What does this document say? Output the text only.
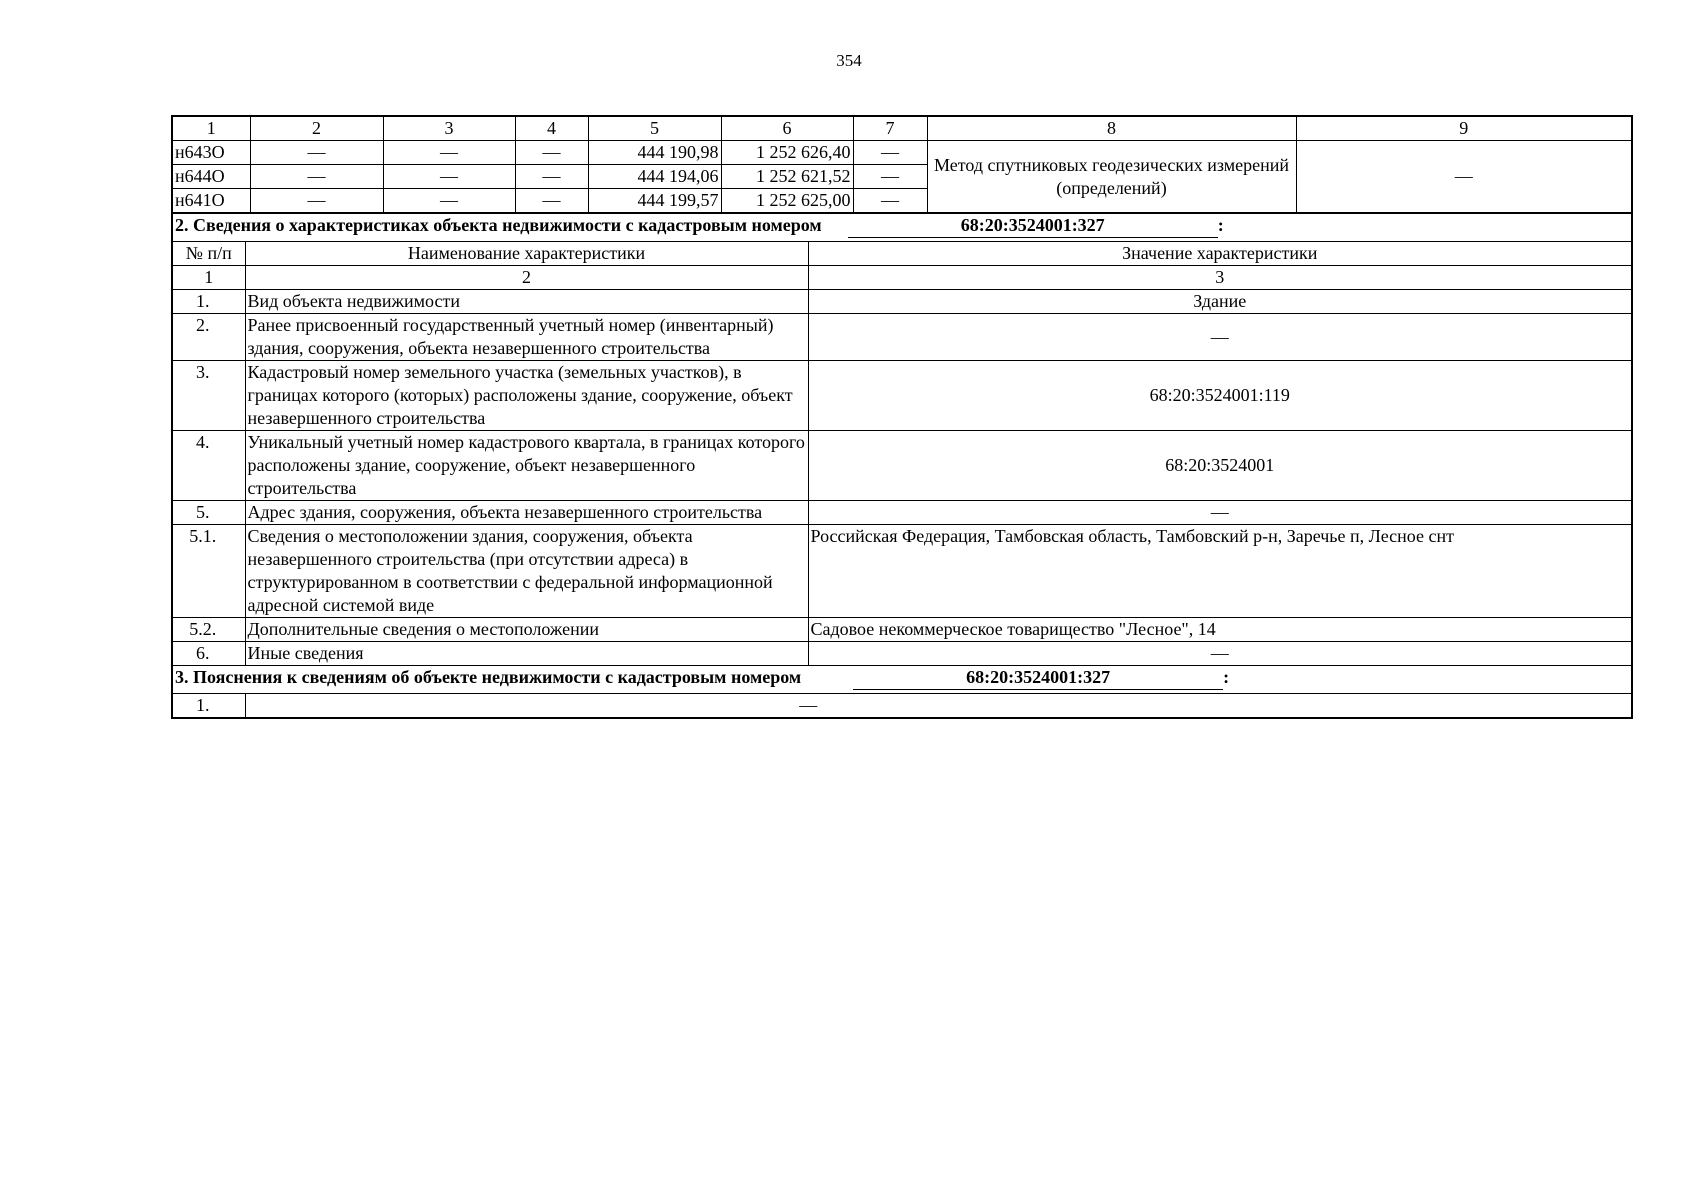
354
1	2	3	4	5	6	7	8	9
н643О	—	—	—	444 190,98	1 252 626,40	—	Метод спутниковых геодезических измерений (определений)	—
н644О	—	—	—	444 194,06	1 252 621,52	—		
н641О	—	—	—	444 199,57	1 252 625,00	—		
2. Сведения о характеристиках объекта недвижимости с кадастровым номером 68:20:3524001:327 :		
№ п/п	Наименование характеристики	Значение характеристики
1	2	3
1.	Вид объекта недвижимости	Здание
2.	Ранее присвоенный государственный учетный номер (инвентарный) здания, сооружения, объекта незавершенного строительства	—
3.	Кадастровый номер земельного участка (земельных участков), в границах которого (которых) расположены здание, сооружение, объект незавершенного строительства	68:20:3524001:119
4.	Уникальный учетный номер кадастрового квартала, в границах которого расположены здание, сооружение, объект незавершенного строительства	68:20:3524001
5.	Адрес здания, сооружения, объекта незавершенного строительства	—
5.1.	Сведения о местоположении здания, сооружения, объекта незавершенного строительства (при отсутствии адреса) в структурированном в соответствии с федеральной информационной адресной системой виде	Российская Федерация, Тамбовская область, Тамбовский р-н, Заречье п, Лесное снт
5.2.	Дополнительные сведения о местоположении	Садовое некоммерческое товарищество "Лесное", 14
6.	Иные сведения	—
3. Пояснения к сведениям об объекте недвижимости с кадастровым номером 68:20:3524001:327 :		
1.	—	
